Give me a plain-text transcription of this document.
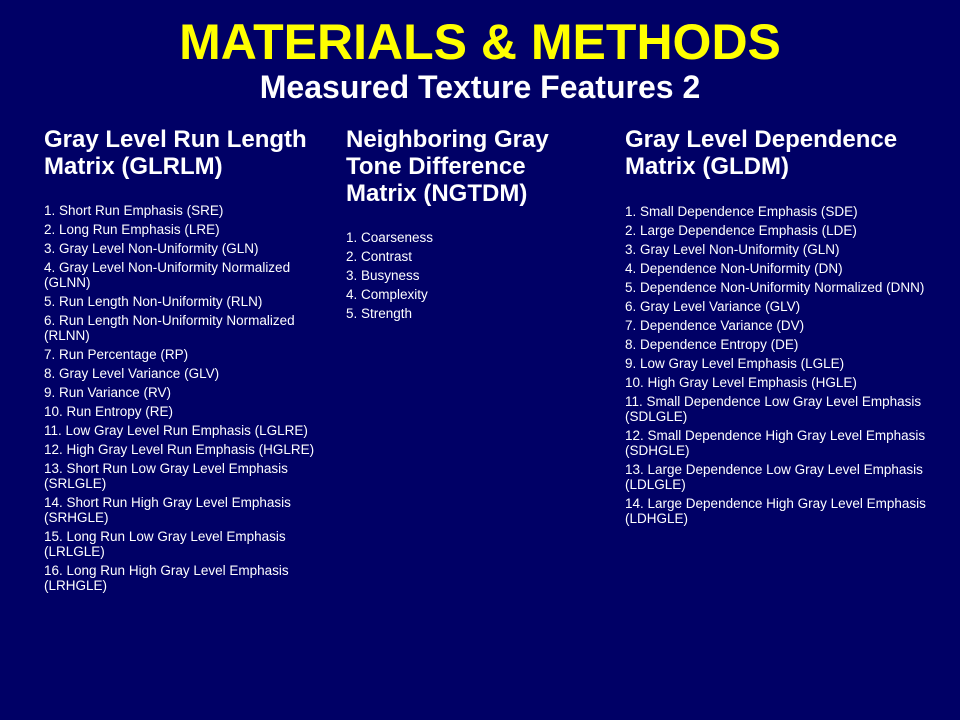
MATERIALS & METHODS
Measured Texture Features 2
Gray Level Run Length Matrix (GLRLM)
1. Short Run Emphasis (SRE)
2. Long Run Emphasis (LRE)
3. Gray Level Non-Uniformity (GLN)
4. Gray Level Non-Uniformity Normalized (GLNN)
5. Run Length Non-Uniformity (RLN)
6. Run Length Non-Uniformity Normalized (RLNN)
7. Run Percentage (RP)
8. Gray Level Variance (GLV)
9. Run Variance (RV)
10. Run Entropy (RE)
11. Low Gray Level Run Emphasis (LGLRE)
12. High Gray Level Run Emphasis (HGLRE)
13. Short Run Low Gray Level Emphasis (SRLGLE)
14. Short Run High Gray Level Emphasis (SRHGLE)
15. Long Run Low Gray Level Emphasis (LRLGLE)
16. Long Run High Gray Level Emphasis (LRHGLE)
Neighboring Gray Tone Difference Matrix (NGTDM)
1. Coarseness
2. Contrast
3. Busyness
4. Complexity
5. Strength
Gray Level Dependence Matrix (GLDM)
1. Small Dependence Emphasis (SDE)
2. Large Dependence Emphasis (LDE)
3. Gray Level Non-Uniformity (GLN)
4. Dependence Non-Uniformity (DN)
5. Dependence Non-Uniformity Normalized (DNN)
6. Gray Level Variance (GLV)
7. Dependence Variance (DV)
8. Dependence Entropy (DE)
9. Low Gray Level Emphasis (LGLE)
10. High Gray Level Emphasis (HGLE)
11. Small Dependence Low Gray Level Emphasis (SDLGLE)
12. Small Dependence High Gray Level Emphasis (SDHGLE)
13. Large Dependence Low Gray Level Emphasis (LDLGLE)
14. Large Dependence High Gray Level Emphasis (LDHGLE)
